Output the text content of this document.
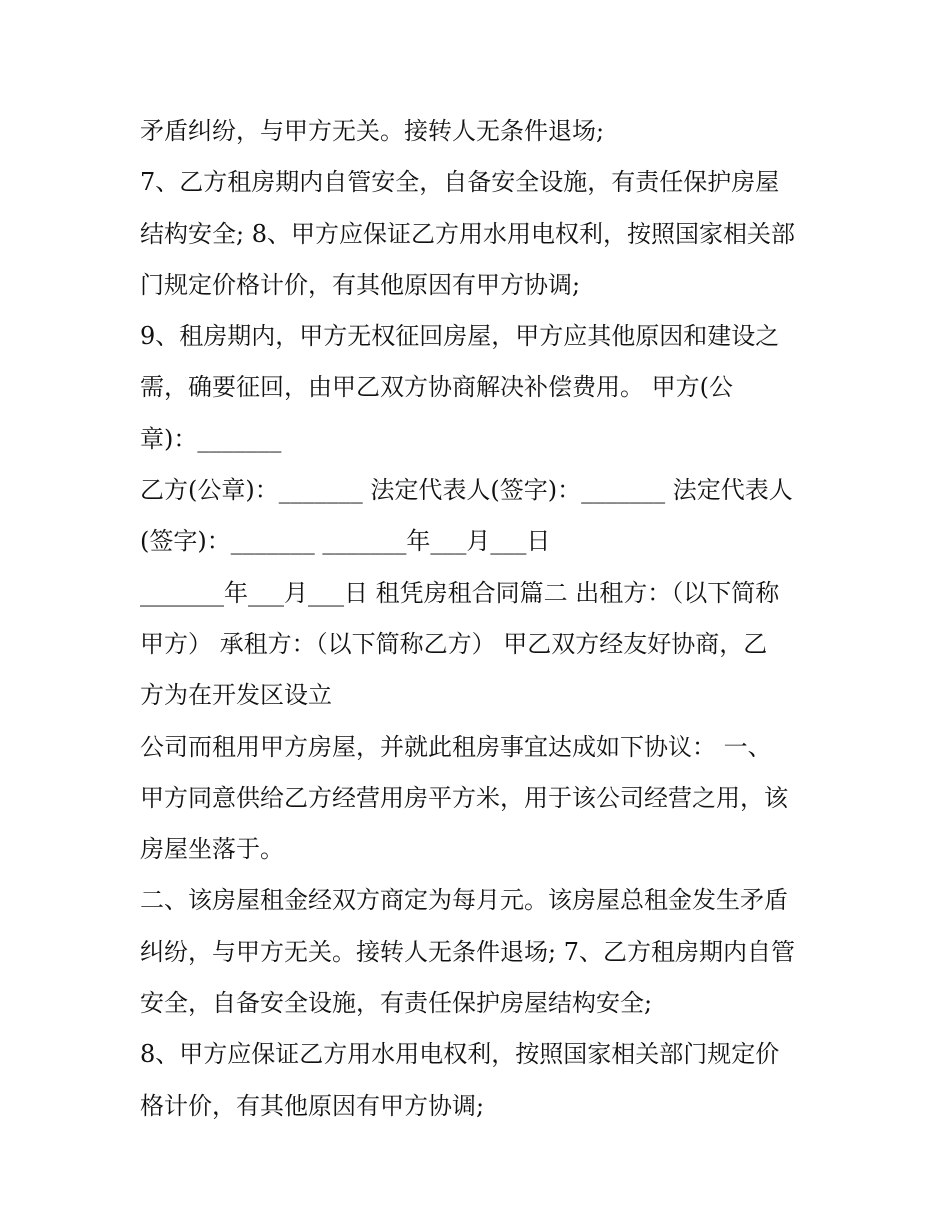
矛盾纠纷，与甲方无关。接转人无条件退场;
7、乙方租房期内自管安全，自备安全设施，有责任保护房屋
结构安全; 8、甲方应保证乙方用水用电权利，按照国家相关部
门规定价格计价，有其他原因有甲方协调;
9、租房期内，甲方无权征回房屋，甲方应其他原因和建设之
需，确要征回，由甲乙双方协商解决补偿费用。 甲方(公
章)：_______
乙方(公章)：_______ 法定代表人(签字)：_______ 法定代表人
(签字)：_______ _______年___月___日
_______年___月___日 租凭房租合同篇二 出租方：（以下简称
甲方） 承租方：（以下简称乙方） 甲乙双方经友好协商，乙
方为在开发区设立
公司而租用甲方房屋，并就此租房事宜达成如下协议： 一、
甲方同意供给乙方经营用房平方米，用于该公司经营之用，该
房屋坐落于。
二、该房屋租金经双方商定为每月元。该房屋总租金发生矛盾
纠纷，与甲方无关。接转人无条件退场; 7、乙方租房期内自管
安全，自备安全设施，有责任保护房屋结构安全;
8、甲方应保证乙方用水用电权利，按照国家相关部门规定价
格计价，有其他原因有甲方协调;
